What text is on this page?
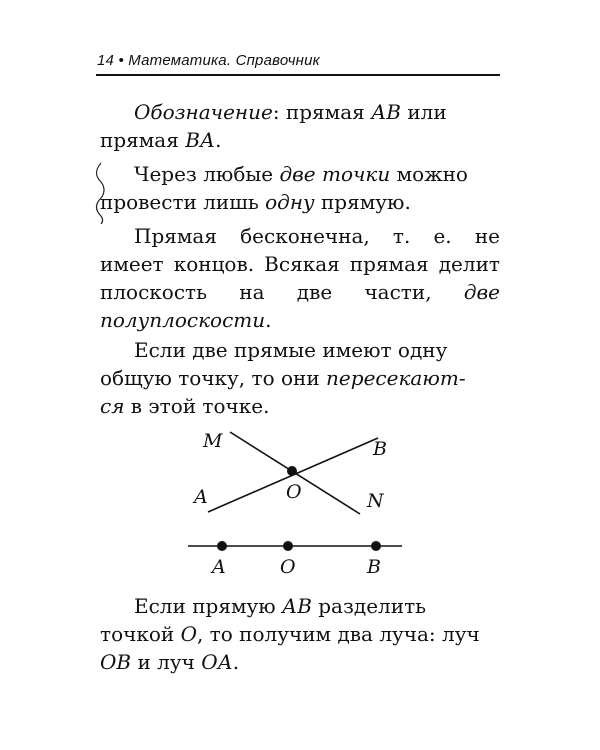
14 • Математика. Справочник

Обозначение: прямая АВ или прямая ВА.

Через любые две точки можно провести лишь одну прямую.

Прямая бесконечна, т. е. не имеет концов. Всякая прямая делит плоскость на две части, две полуплоскости.

Если две прямые имеют одну общую точку, то они пересекают-
ся в этой точке.

M	B
A	O	N
A	O	B

Если прямую АВ разделить точкой О, то получим два луча: луч ОВ и луч ОА.
